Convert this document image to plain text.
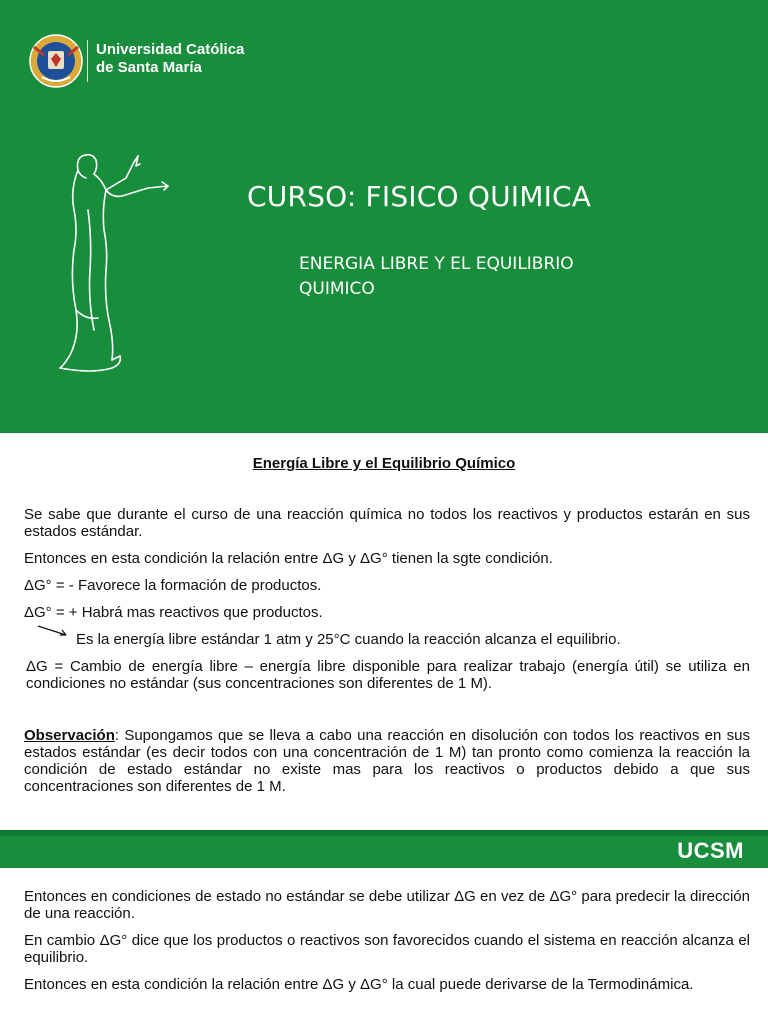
Universidad Católica
de Santa María
CURSO: FISICO QUIMICA
ENERGIA LIBRE Y EL EQUILIBRIO
QUIMICO
Energía Libre y el Equilibrio Químico
Se sabe que durante el curso de una reacción química no todos los reactivos y productos estarán en sus estados estándar.
Entonces en esta condición la relación entre ΔG y ΔG° tienen la sgte condición.
ΔG° = - Favorece la formación de productos.
ΔG° = + Habrá mas reactivos que productos.
Es la energía libre estándar 1 atm y 25°C cuando la reacción alcanza el equilibrio.
ΔG = Cambio de energía libre – energía libre disponible para realizar trabajo (energía útil) se utiliza en condiciones no estándar (sus concentraciones son diferentes de 1 M).
Observación: Supongamos que se lleva a cabo una reacción en disolución con todos los reactivos en sus estados estándar (es decir todos con una concentración de 1 M) tan pronto como comienza la reacción la condición de estado estándar no existe mas para los reactivos o productos debido a que sus concentraciones son diferentes de 1 M.
UCSM
Entonces en condiciones de estado no estándar se debe utilizar ΔG en vez de ΔG° para predecir la dirección de una reacción.
En cambio ΔG° dice que los productos o reactivos son favorecidos cuando el sistema en reacción alcanza el equilibrio.
Entonces en esta condición la relación entre ΔG y ΔG° la cual puede derivarse de la Termodinámica.
